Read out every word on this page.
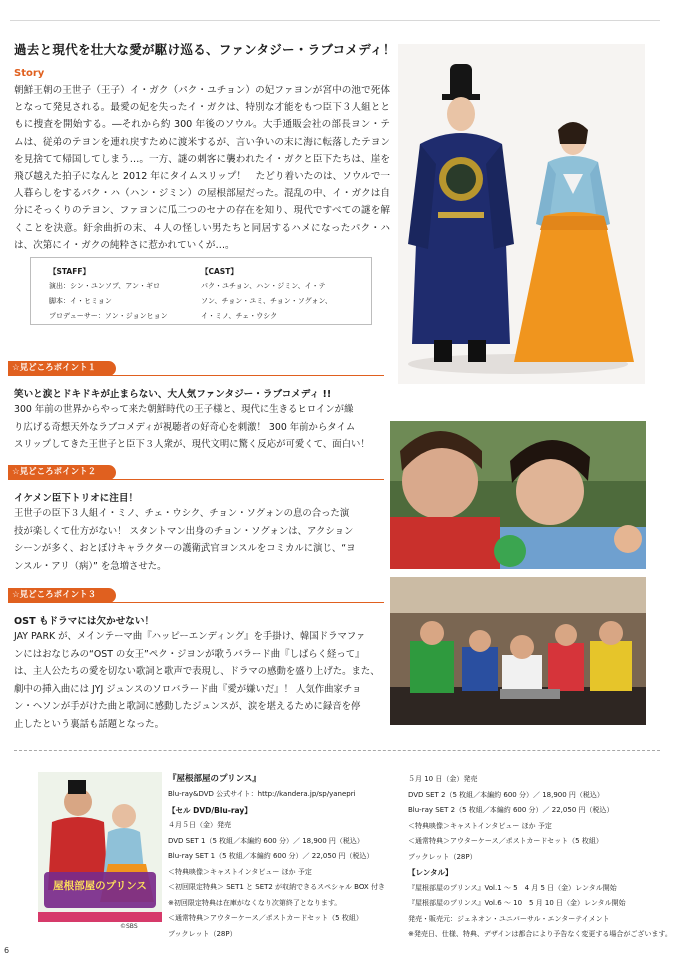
過去と現代を壮大な愛が駆け巡る、ファンタジー・ラブコメディ！
Story
朝鮮王朝の王世子（王子）イ・ガク（パク・ユチョン）の妃ファヨンが宮中の池で死体となって発見される。最愛の妃を失ったイ・ガクは、特別な才能をもつ臣下３人組とともに捜査を開始する。―それから約 300 年後のソウル。大手通販会社の部長ヨン・テムは、従弟のテヨンを連れ戻すために渡米するが、言い争いの末に海に転落したテヨンを見捨てて帰国してしまう…。一方、謎の刺客に襲われたイ・ガクと臣下たちは、崖を飛び越えた拍子になんと 2012 年にタイムスリップ！　たどり着いたのは、ソウルで一人暮らしをするパク・ハ（ハン・ジミン）の屋根部屋だった。混乱の中、イ・ガクは自分にそっくりのテヨン、ファヨンに瓜二つのセナの存在を知り、現代ですべての謎を解くことを決意。紆余曲折の末、４人の怪しい男たちと同居するハメになったパク・ハは、次第にイ・ガクの純粋さに惹かれていくが…。
【STAFF】
演出：シン・ユンソブ、アン・ギロ
脚本：イ・ヒミョン
プロデューサー：ソン・ジョンヒョン
【CAST】
パク・ユチョン、ハン・ジミン、イ・テ
ソン、チョン・ユミ、チョン・ソグォン、
イ・ミノ、チェ・ウシク
☆見どころポイント１
笑いと涙とドキドキが止まらない、大人気ファンタジー・ラブコメディ !!
300 年前の世界からやって来た朝鮮時代の王子様と、現代に生きるヒロインが繰
り広げる奇想天外なラブコメディが視聴者の好奇心を刺激！ 300 年前からタイム
スリップしてきた王世子と臣下３人衆が、現代文明に驚く反応が可愛くて、面白い！
☆見どころポイント２
イケメン臣下トリオに注目！
王世子の臣下３人組イ・ミノ、チェ・ウシク、チョン・ソグォンの息の合った演
技が楽しくて仕方がない！ スタントマン出身のチョン・ソグォンは、アクション
シーンが多く、おとぼけキャラクターの護衛武官ヨンスルをコミカルに演じ、“ヨ
ンスル・アリ（病）” を急増させた。
☆見どころポイント３
OST もドラマには欠かせない！
JAY PARK が、メインテーマ曲『ハッピーエンディング』を手掛け、韓国ドラマファ
ンにはおなじみの“OST の女王”ペク・ジヨンが歌うバラード曲『しばらく経って』
は、主人公たちの愛を切ない歌詞と歌声で表現し、ドラマの感動を盛り上げた。また、
劇中の挿入曲には JYJ ジュンスのソロバラード曲『愛が嫌いだ』！ 人気作曲家チョ
ン・ヘソンが手がけた曲と歌詞に感動したジュンスが、涙を堪えるために録音を停
止したという裏話も話題となった。
屋根部屋のプリンス
©SBS
『屋根部屋のプリンス』
Blu-ray&DVD 公式サイト：http://kandera.jp/sp/yanepri
【セル DVD/Blu-ray】
４月５日（金）発売
DVD SET 1（5 枚組／本編約 600 分）／ 18,900 円（税込）
Blu-ray SET 1（5 枚組／本編約 600 分）／ 22,050 円（税込）
＜特典映像＞キャストインタビュー ほか 予定
＜初回限定特典＞ SET1 と SET2 が収納できるスペシャル BOX 付き
※初回限定特典は在庫がなくなり次第終了となります。
＜通常特典＞アウターケース／ポストカードセット（5 枚組）
ブックレット（28P）
５月 10 日（金）発売
DVD SET 2（5 枚組／本編約 600 分）／ 18,900 円（税込）
Blu-ray SET 2（5 枚組／本編約 600 分）／ 22,050 円（税込）
＜特典映像＞キャストインタビュー ほか 予定
＜通常特典＞アウターケース／ポストカードセット（5 枚組）
ブックレット（28P）
【レンタル】
『屋根部屋のプリンス』Vol.1 ～ 5　4 月 5 日（金）レンタル開始
『屋根部屋のプリンス』Vol.6 ～ 10　5 月 10 日（金）レンタル開始
発売・販売元：ジェネオン・ユニバーサル・エンターテイメント
※発売日、仕様、特典、デザインは都合により予告なく変更する場合がございます。
6
